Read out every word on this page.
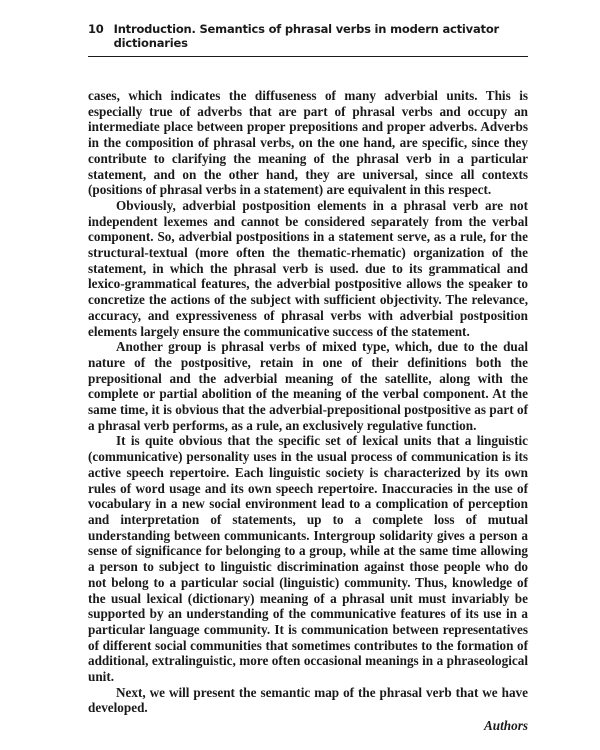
10 Introduction. Semantics of phrasal verbs in modern activator dictionaries

cases, which indicates the diffuseness of many adverbial units. This is especially true of adverbs that are part of phrasal verbs and occupy an intermediate place between proper prepositions and proper adverbs. Adverbs in the composition of phrasal verbs, on the one hand, are specific, since they contribute to clarifying the meaning of the phrasal verb in a particular statement, and on the other hand, they are universal, since all contexts (positions of phrasal verbs in a statement) are equivalent in this respect.

Obviously, adverbial postposition elements in a phrasal verb are not independent lexemes and cannot be considered separately from the verbal component. So, adverbial postpositions in a statement serve, as a rule, for the structural-textual (more often the thematic-rhematic) organization of the statement, in which the phrasal verb is used. due to its grammatical and lexico-grammatical features, the adverbial postpositive allows the speaker to concretize the actions of the subject with sufficient objectivity. The relevance, accuracy, and expressiveness of phrasal verbs with adverbial postposition elements largely ensure the communicative success of the statement.

Another group is phrasal verbs of mixed type, which, due to the dual nature of the postpositive, retain in one of their definitions both the prepositional and the adverbial meaning of the satellite, along with the complete or partial abolition of the meaning of the verbal component. At the same time, it is obvious that the adverbial-prepositional postpositive as part of a phrasal verb performs, as a rule, an exclusively regulative function.

It is quite obvious that the specific set of lexical units that a linguistic (communicative) personality uses in the usual process of communication is its active speech repertoire. Each linguistic society is characterized by its own rules of word usage and its own speech repertoire. Inaccuracies in the use of vocabulary in a new social environment lead to a complication of perception and interpretation of statements, up to a complete loss of mutual understanding between communicants. Intergroup solidarity gives a person a sense of significance for belonging to a group, while at the same time allowing a person to subject to linguistic discrimination against those people who do not belong to a particular social (linguistic) community. Thus, knowledge of the usual lexical (dictionary) meaning of a phrasal unit must invariably be supported by an understanding of the communicative features of its use in a particular language community. It is communication between representatives of different social communities that sometimes contributes to the formation of additional, extralinguistic, more often occasional meanings in a phraseological unit.

Next, we will present the semantic map of the phrasal verb that we have developed.

Authors
